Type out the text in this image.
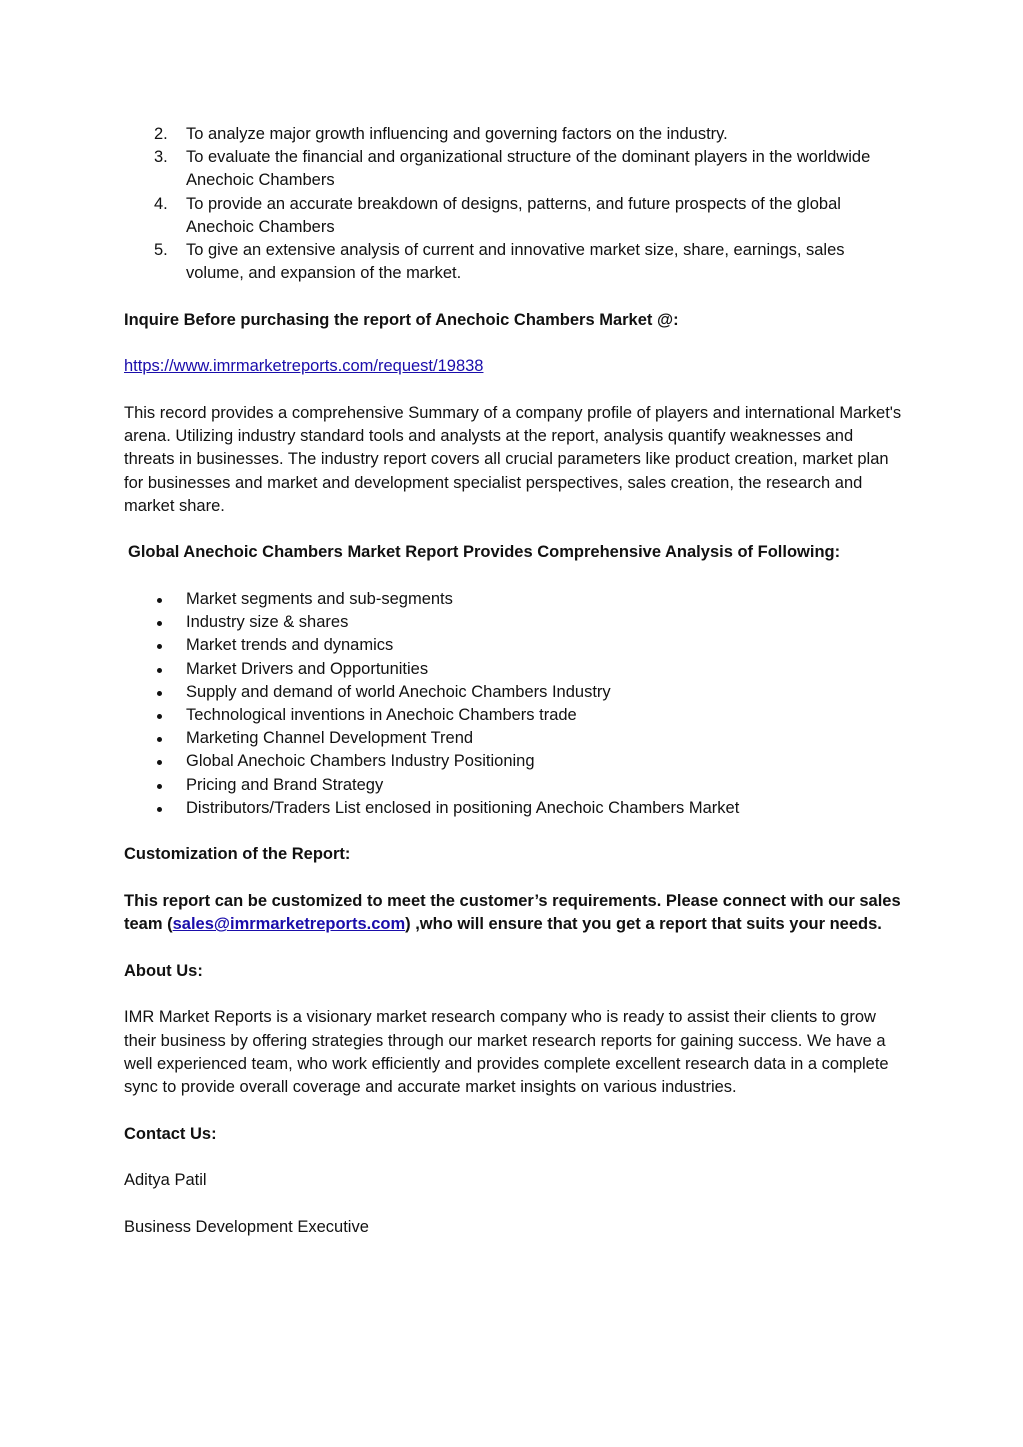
2. To analyze major growth influencing and governing factors on the industry.
3. To evaluate the financial and organizational structure of the dominant players in the worldwide Anechoic Chambers
4. To provide an accurate breakdown of designs, patterns, and future prospects of the global Anechoic Chambers
5. To give an extensive analysis of current and innovative market size, share, earnings, sales volume, and expansion of the market.

Inquire Before purchasing the report of Anechoic Chambers Market @:

https://www.imrmarketreports.com/request/19838

This record provides a comprehensive Summary of a company profile of players and international Market's arena. Utilizing industry standard tools and analysts at the report, analysis quantify weaknesses and threats in businesses. The industry report covers all crucial parameters like product creation, market plan for businesses and market and development specialist perspectives, sales creation, the research and market share.

Global Anechoic Chambers Market Report Provides Comprehensive Analysis of Following:

Market segments and sub-segments
Industry size & shares
Market trends and dynamics
Market Drivers and Opportunities
Supply and demand of world Anechoic Chambers Industry
Technological inventions in Anechoic Chambers trade
Marketing Channel Development Trend
Global Anechoic Chambers Industry Positioning
Pricing and Brand Strategy
Distributors/Traders List enclosed in positioning Anechoic Chambers Market

Customization of the Report:

This report can be customized to meet the customer’s requirements. Please connect with our sales team (sales@imrmarketreports.com) ,who will ensure that you get a report that suits your needs.

About Us:

IMR Market Reports is a visionary market research company who is ready to assist their clients to grow their business by offering strategies through our market research reports for gaining success. We have a well experienced team, who work efficiently and provides complete excellent research data in a complete sync to provide overall coverage and accurate market insights on various industries.

Contact Us:

Aditya Patil

Business Development Executive
